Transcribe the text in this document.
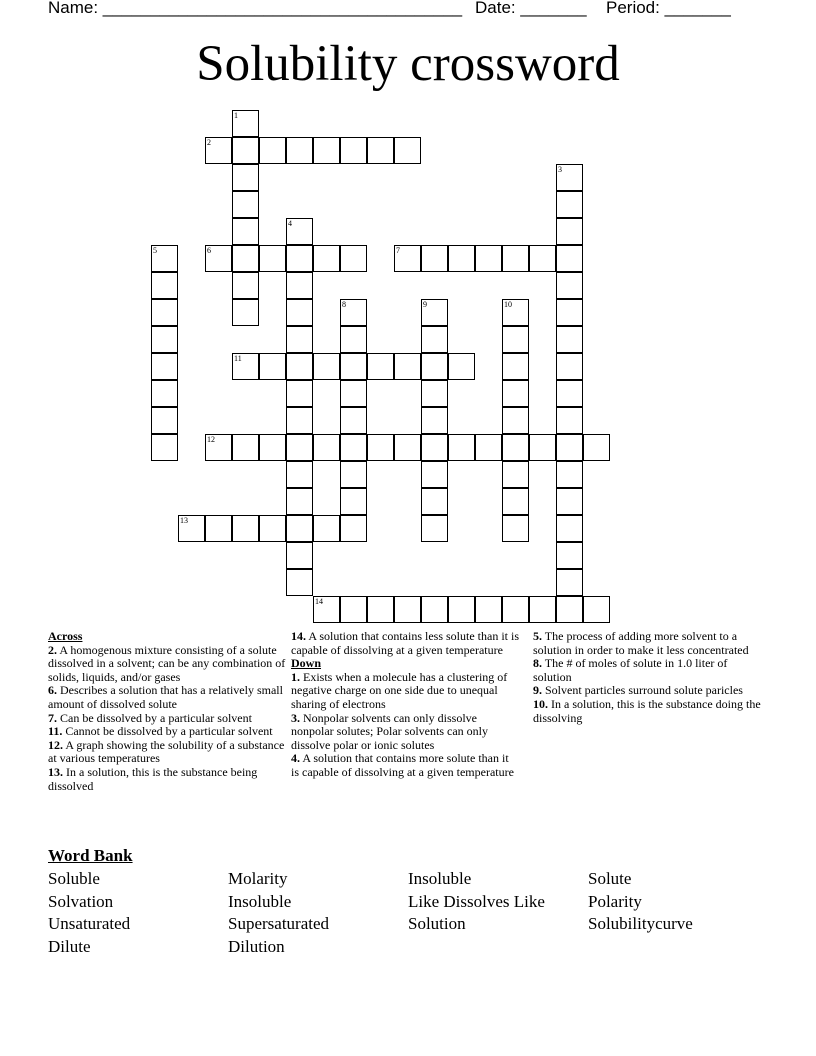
Name: ______________________________________ Date: _______ Period: _______
Solubility crossword
2
6	7
11
12
13
14
1
3
4
5
8	9	10
Across
2. A homogenous mixture consisting of a solute dissolved in a solvent; can be any combination of solids, liquids, and/or gases
6. Describes a solution that has a relatively small amount of dissolved solute
7. Can be dissolved by a particular solvent
11. Cannot be dissolved by a particular solvent
12. A graph showing the solubility of a substance at various temperatures
13. In a solution, this is the substance being dissolved
14. A solution that contains less solute than it is capable of dissolving at a given temperature
Down
1. Exists when a molecule has a clustering of negative charge on one side due to unequal sharing of electrons
3. Nonpolar solvents can only dissolve nonpolar solutes; Polar solvents can only dissolve polar or ionic solutes
4. A solution that contains more solute than it is capable of dissolving at a given temperature
5. The process of adding more solvent to a solution in order to make it less concentrated
8. The # of moles of solute in 1.0 liter of solution
9. Solvent particles surround solute paricles
10. In a solution, this is the substance doing the dissolving
Word Bank
Soluble	Molarity	Insoluble	Solute
Solvation	Insoluble	Like Dissolves Like	Polarity
Unsaturated	Supersaturated	Solution	Solubilitycurve
Dilute	Dilution
